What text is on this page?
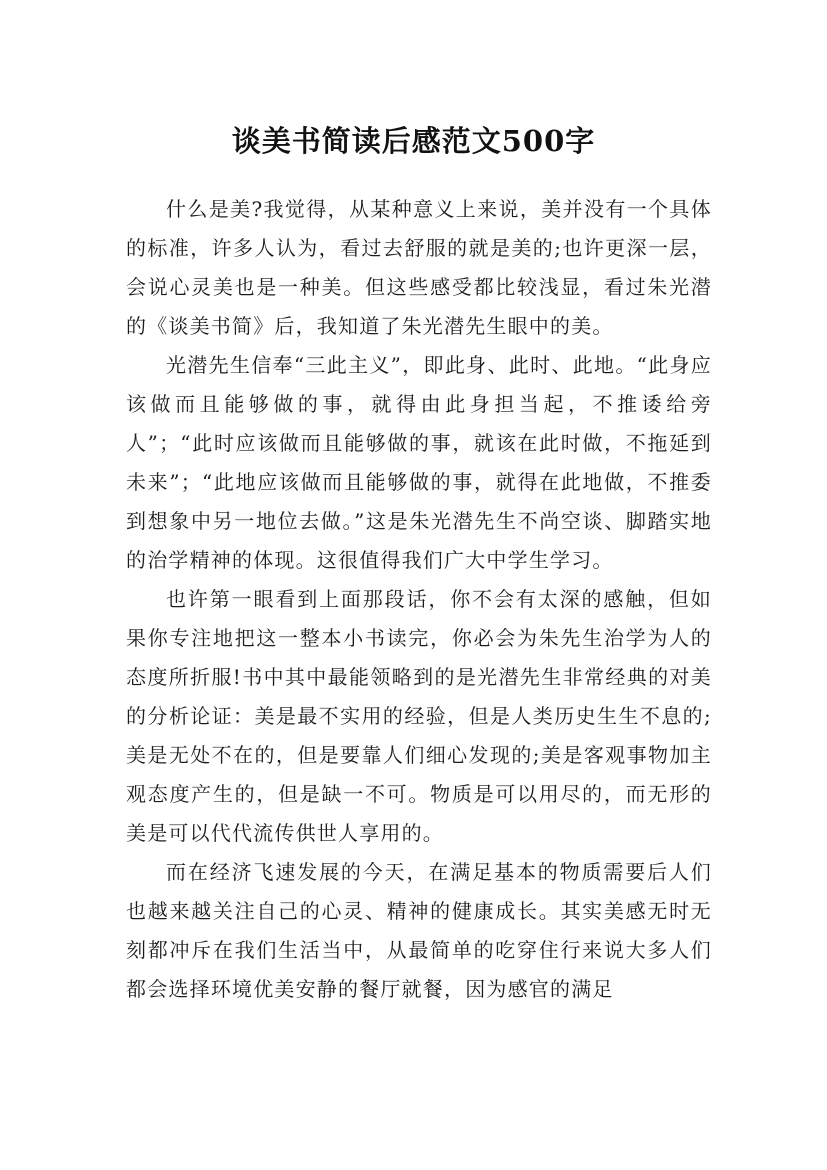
谈美书简读后感范文500字

什么是美?我觉得，从某种意义上来说，美并没有一个具体的标准，许多人认为，看过去舒服的就是美的;也许更深一层，会说心灵美也是一种美。但这些感受都比较浅显，看过朱光潜的《谈美书简》后，我知道了朱光潜先生眼中的美。

光潜先生信奉“三此主义”，即此身、此时、此地。“此身应该做而且能够做的事，就得由此身担当起，不推诿给旁人”；“此时应该做而且能够做的事，就该在此时做，不拖延到未来”；“此地应该做而且能够做的事，就得在此地做，不推委到想象中另一地位去做。”这是朱光潜先生不尚空谈、脚踏实地的治学精神的体现。这很值得我们广大中学生学习。

也许第一眼看到上面那段话，你不会有太深的感触，但如果你专注地把这一整本小书读完，你必会为朱先生治学为人的态度所折服!书中其中最能领略到的是光潜先生非常经典的对美的分析论证：美是最不实用的经验，但是人类历史生生不息的;美是无处不在的，但是要靠人们细心发现的;美是客观事物加主观态度产生的，但是缺一不可。物质是可以用尽的，而无形的美是可以代代流传供世人享用的。

而在经济飞速发展的今天，在满足基本的物质需要后人们也越来越关注自己的心灵、精神的健康成长。其实美感无时无刻都冲斥在我们生活当中，从最简单的吃穿住行来说大多人们都会选择环境优美安静的餐厅就餐，因为感官的满足
